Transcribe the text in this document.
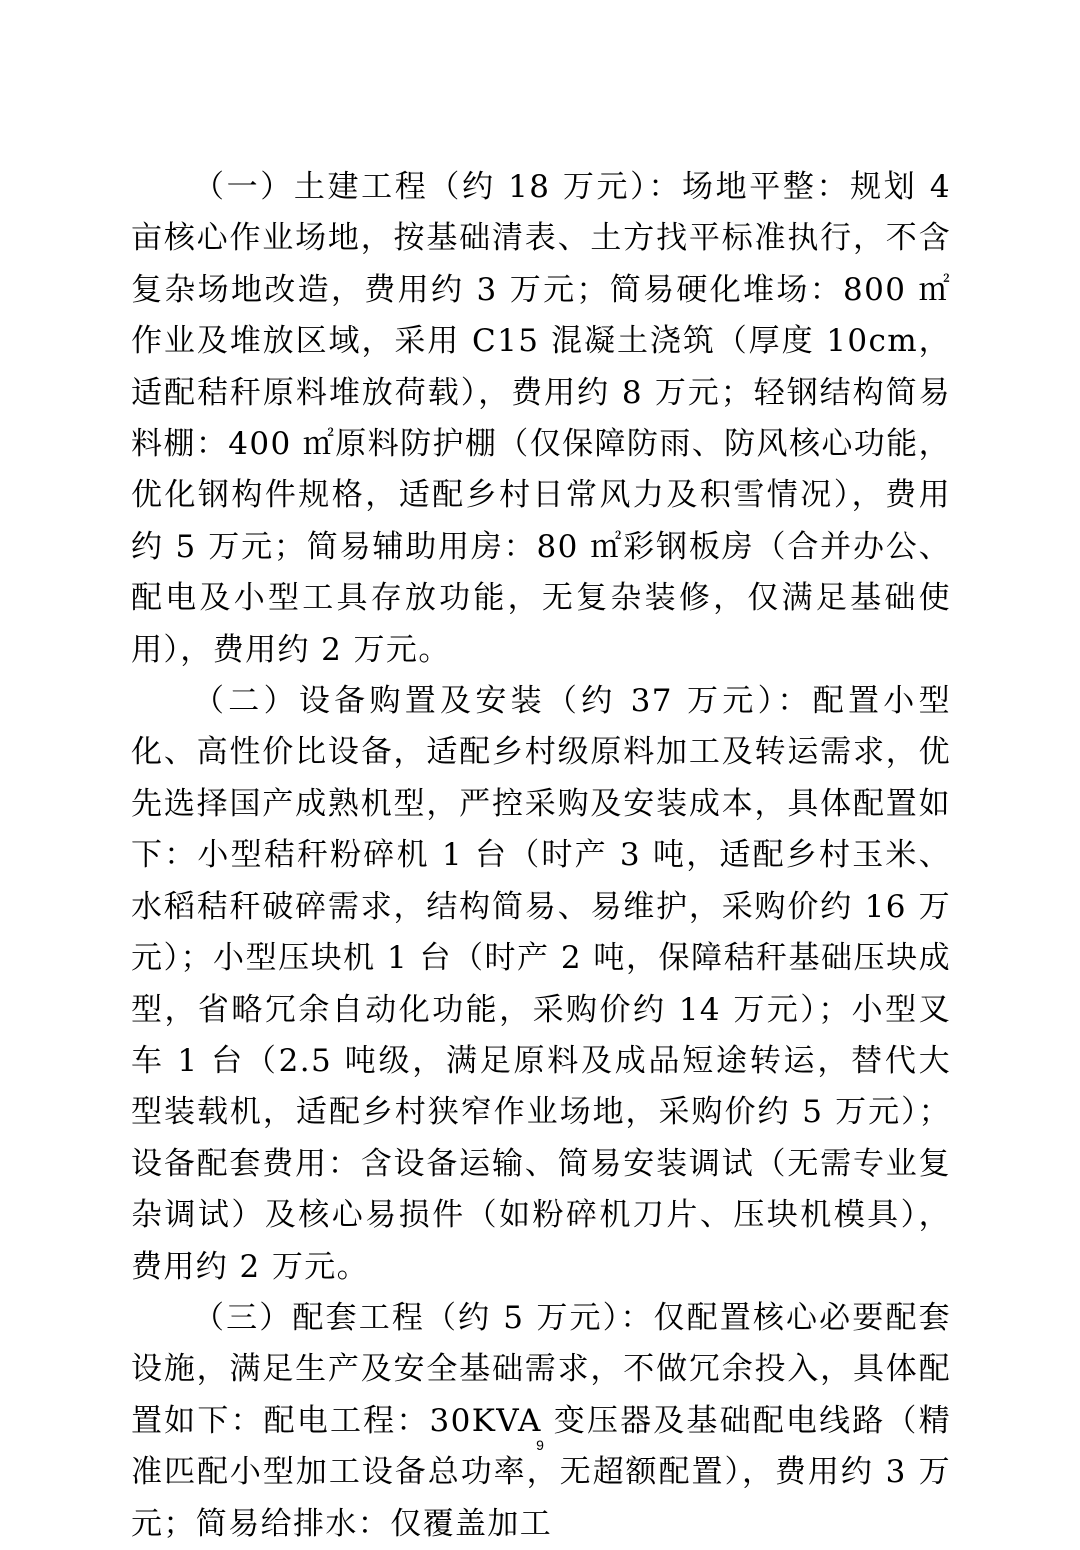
（一）土建工程（约 18 万元）：场地平整：规划 4 亩核心作业场地，按基础清表、土方找平标准执行，不含复杂场地改造，费用约 3 万元；简易硬化堆场：800 ㎡作业及堆放区域，采用 C15 混凝土浇筑（厚度 10cm，适配秸秆原料堆放荷载），费用约 8 万元；轻钢结构简易料棚：400 ㎡原料防护棚（仅保障防雨、防风核心功能，优化钢构件规格，适配乡村日常风力及积雪情况），费用约 5 万元；简易辅助用房：80 ㎡彩钢板房（合并办公、配电及小型工具存放功能，无复杂装修，仅满足基础使用），费用约 2 万元。

（二）设备购置及安装（约 37 万元）：配置小型化、高性价比设备，适配乡村级原料加工及转运需求，优先选择国产成熟机型，严控采购及安装成本，具体配置如下：小型秸秆粉碎机 1 台（时产 3 吨，适配乡村玉米、水稻秸秆破碎需求，结构简易、易维护，采购价约 16 万元）；小型压块机 1 台（时产 2 吨，保障秸秆基础压块成型，省略冗余自动化功能，采购价约 14 万元）；小型叉车 1 台（2.5 吨级，满足原料及成品短途转运，替代大型装载机，适配乡村狭窄作业场地，采购价约 5 万元）；设备配套费用：含设备运输、简易安装调试（无需专业复杂调试）及核心易损件（如粉碎机刀片、压块机模具），费用约 2 万元。

（三）配套工程（约 5 万元）：仅配置核心必要配套设施，满足生产及安全基础需求，不做冗余投入，具体配置如下：配电工程：30KVA 变压器及基础配电线路（精准匹配小型加工设备总功率，无超额配置），费用约 3 万元；简易给排水：仅覆盖加工

9
